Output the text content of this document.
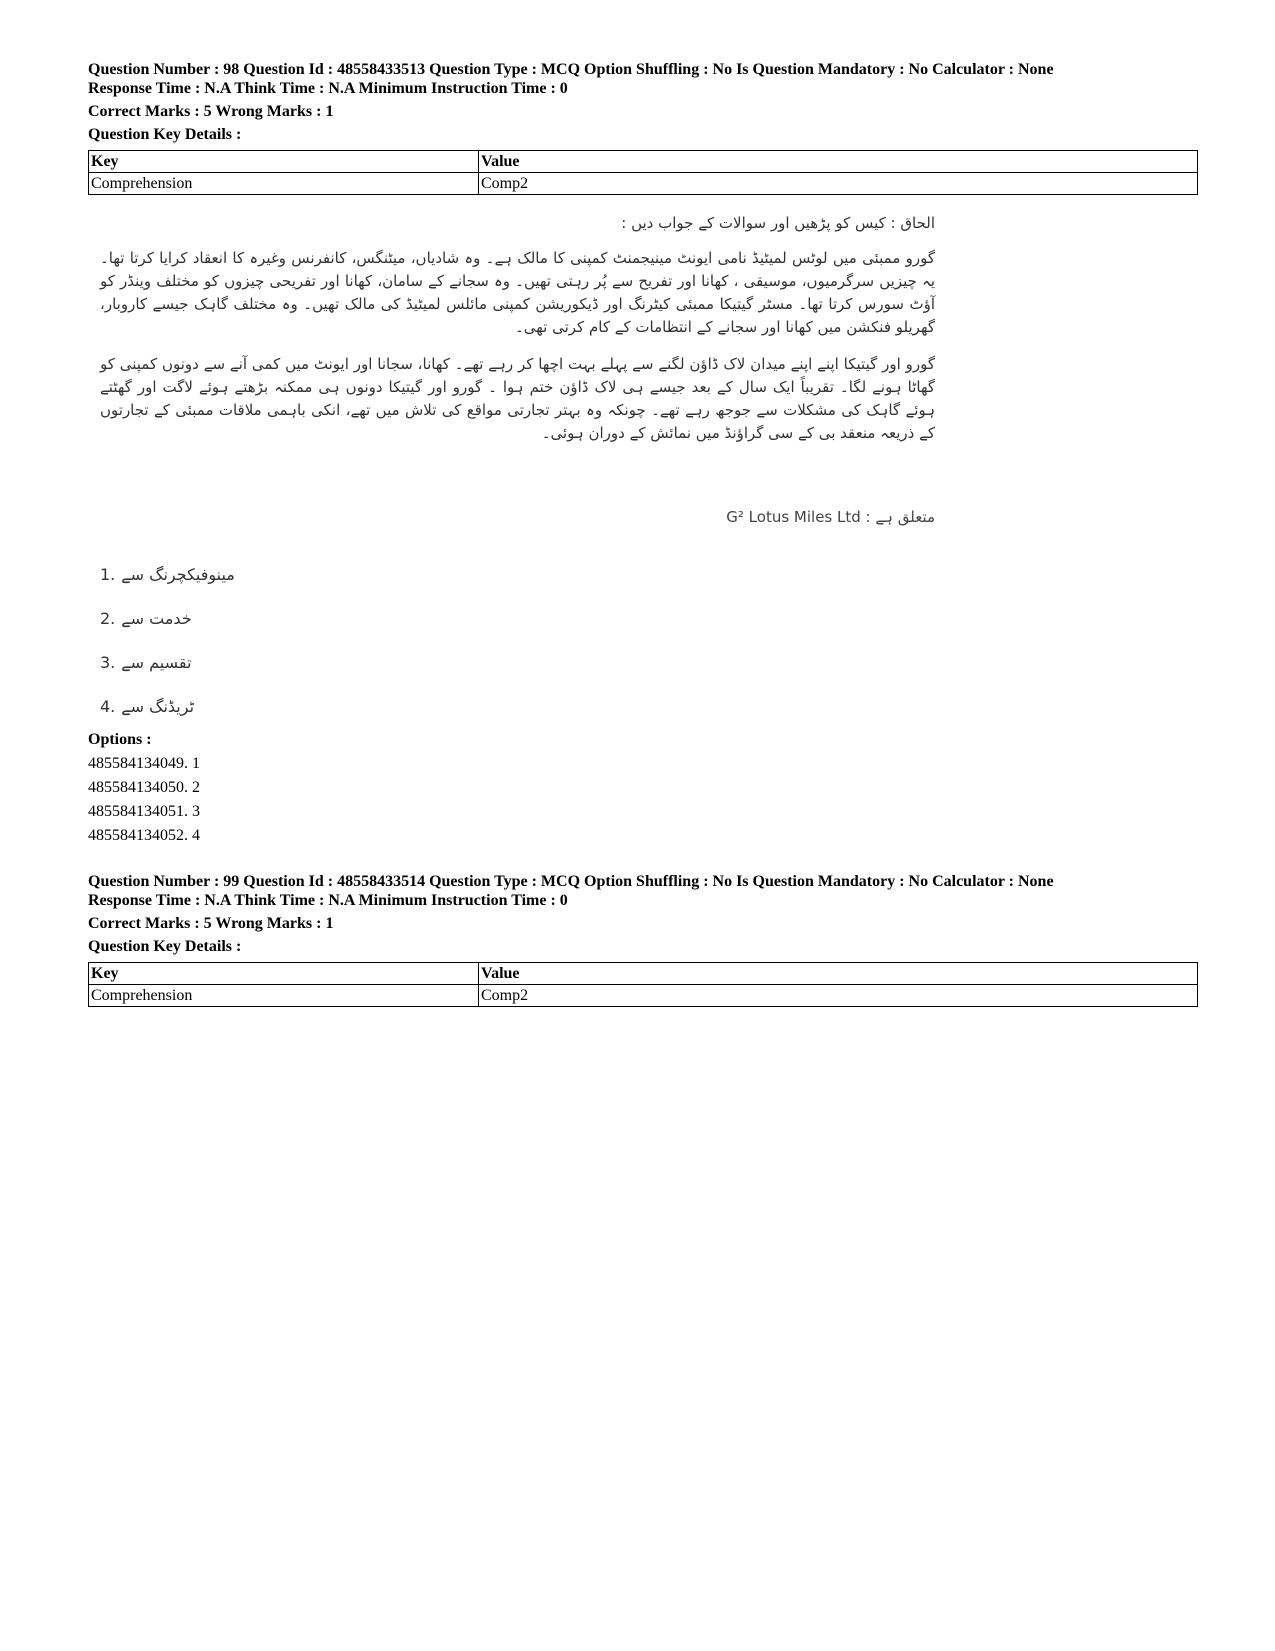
Question Number : 98 Question Id : 48558433513 Question Type : MCQ Option Shuffling : No Is Question Mandatory : No Calculator : None

Response Time : N.A Think Time : N.A Minimum Instruction Time : 0

Correct Marks : 5 Wrong Marks : 1

Question Key Details :

Key	Value
Comprehension	Comp2
الحاق : کیس کو پڑھیں اور سوالات کے جواب دیں :
گورو ممبئی میں لوٹس لمیٹیڈ نامی ایونٹ مینیجمنٹ کمپنی کا مالک ہے۔ وہ شادیاں، میٹنگس، کانفرنس وغیرہ کا انعقاد کرایا کرتا تھا۔ یہ چیزیں سرگرمیوں، موسیقی ، کھانا اور تفریح سے پُر رہتی تھیں۔ وہ سجانے کے سامان، کھانا اور تفریحی چیزوں کو مختلف وینڈر کو آؤٹ سورس کرتا تھا۔ مسٹر گیتیکا ممبئی کیٹرنگ اور ڈیکوریشن کمپنی مائلس لمیٹیڈ کی مالک تھیں۔ وہ مختلف گاہک جیسے کاروبار، گھریلو فنکشن میں کھانا اور سجانے کے انتظامات کے کام کرتی تھی۔
گورو اور گیتیکا اپنے اپنے میدان لاک ڈاؤن لگنے سے پہلے بہت اچھا کر رہے تھے۔ کھانا، سجانا اور ایونٹ میں کمی آنے سے دونوں کمپنی کو گھاٹا ہونے لگا۔ تقریباً ایک سال کے بعد جیسے ہی لاک ڈاؤن ختم ہوا ۔ گورو اور گیتیکا دونوں ہی ممکنہ بڑھتے ہوئے لاگت اور گھٹتے ہوئے گاہک کی مشکلات سے جوجھ رہے تھے۔ چونکہ وہ بہتر تجارتی مواقع کی تلاش میں تھے، انکی باہمی ملاقات ممبئی کے تجارتوں کے ذریعہ منعقد بی کے سی گراؤنڈ میں نمائش کے دوران ہوئی۔
G² Lotus Miles Ltd متعلق ہے :
1. مینوفیکچرنگ سے
2. خدمت سے
3. تقسیم سے
4. ٹریڈنگ سے

Options :

485584134049. 1

485584134050. 2

485584134051. 3

485584134052. 4

Question Number : 99 Question Id : 48558433514 Question Type : MCQ Option Shuffling : No Is Question Mandatory : No Calculator : None

Response Time : N.A Think Time : N.A Minimum Instruction Time : 0

Correct Marks : 5 Wrong Marks : 1

Question Key Details :

Key	Value
Comprehension	Comp2
